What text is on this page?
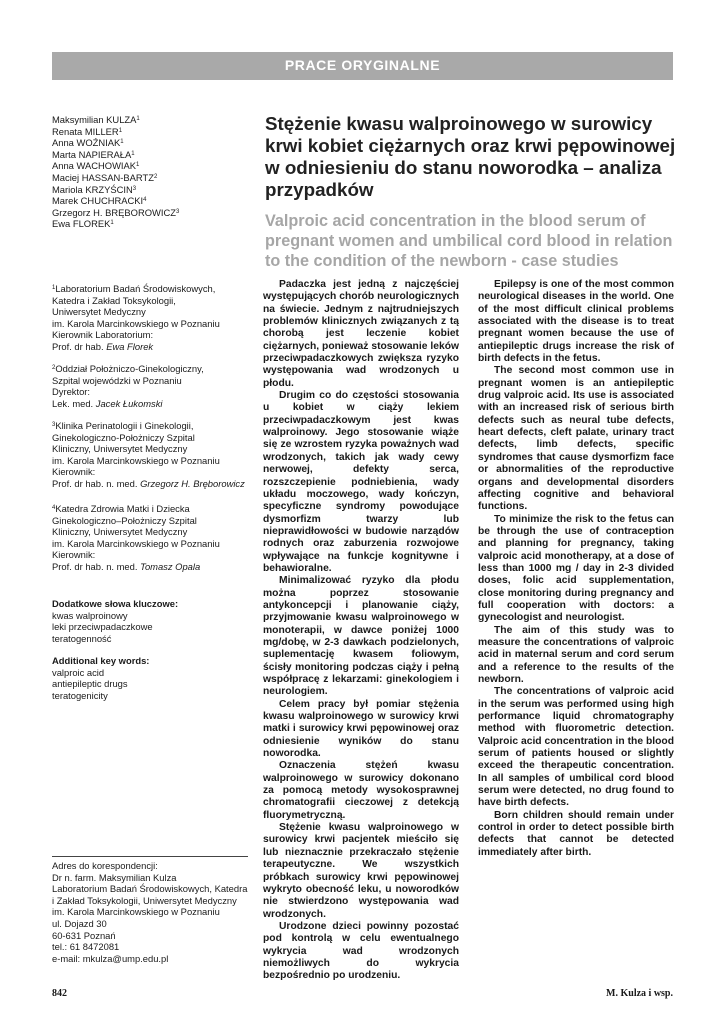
PRACE ORYGINALNE
Maksymilian KULZA$^1$
Renata MILLER$^1$
Anna WOŹNIAK$^1$
Marta NAPIERAŁA$^1$
Anna WACHOWIAK$^1$
Maciej HASSAN-BARTZ$^2$
Mariola KRZYŚCIN$^3$
Marek CHUCHRACKI$^4$
Grzegorz H. BRĘBOROWICZ$^3$
Ewa FLOREK$^1$
$^1$Laboratorium Badań Środowiskowych,
Katedra i Zakład Toksykologii,
Uniwersytet Medyczny
im. Karola Marcinkowskiego w Poznaniu
Kierownik Laboratorium:
Prof. dr hab. Ewa Florek
$^2$Oddział Położniczo-Ginekologiczny,
Szpital wojewódzki w Poznaniu
Dyrektor:
Lek. med. Jacek Łukomski
$^3$Klinika Perinatologii i Ginekologii,
Ginekologiczno-Położniczy Szpital
Kliniczny, Uniwersytet Medyczny
im. Karola Marcinkowskiego w Poznaniu
Kierownik:
Prof. dr hab. n. med. Grzegorz H. Bręborowicz
$^4$Katedra Zdrowia Matki i Dziecka
Ginekologiczno–Położniczy Szpital
Kliniczny, Uniwersytet Medyczny
im. Karola Marcinkowskiego w Poznaniu
Kierownik:
Prof. dr hab. n. med. Tomasz Opala
Dodatkowe słowa kluczowe:
kwas walproinowy
leki przeciwpadaczkowe
teratogenność
Additional key words:
valproic acid
antiepileptic drugs
teratogenicity
Adres do korespondencji:
Dr n. farm. Maksymilian Kulza
Laboratorium Badań Środowiskowych, Katedra
i Zakład Toksykologii, Uniwersytet Medyczny
im. Karola Marcinkowskiego w Poznaniu
ul. Dojazd 30
60-631 Poznań
tel.: 61 8472081
e-mail: mkulza@ump.edu.pl
Stężenie kwasu walproinowego w surowicy krwi kobiet ciężarnych oraz krwi pępowinowej w odniesieniu do stanu noworodka – analiza przypadków
Valproic acid concentration in the blood serum of pregnant women and umbilical cord blood in relation to the condition of the newborn - case studies

Padaczka jest jedną z najczęściej występujących chorób neurologicznych na świecie. Jednym z najtrudniejszych problemów klinicznych związanych z tą chorobą jest leczenie kobiet ciężarnych, ponieważ stosowanie leków przeciwpadaczkowych zwiększa ryzyko występowania wad wrodzonych u płodu.

Drugim co do częstości stosowania u kobiet w ciąży lekiem przeciwpadaczkowym jest kwas walproinowy. Jego stosowanie wiąże się ze wzrostem ryzyka poważnych wad wrodzonych, takich jak wady cewy nerwowej, defekty serca, rozszczepienie podniebienia, wady układu moczowego, wady kończyn, specyficzne syndromy powodujące dysmorfizm twarzy lub nieprawidłowości w budowie narządów rodnych oraz zaburzenia rozwojowe wpływające na funkcje kognitywne i behawioralne.

Minimalizować ryzyko dla płodu można poprzez stosowanie antykoncepcji i planowanie ciąży, przyjmowanie kwasu walproinowego w monoterapii, w dawce poniżej 1000 mg/dobę, w 2-3 dawkach podzielonych, suplementację kwasem foliowym, ścisły monitoring podczas ciąży i pełną współpracę z lekarzami: ginekologiem i neurologiem.

Celem pracy był pomiar stężenia kwasu walproinowego w surowicy krwi matki i surowicy krwi pępowinowej oraz odniesienie wyników do stanu noworodka.

Oznaczenia stężeń kwasu walproinowego w surowicy dokonano za pomocą metody wysokosprawnej chromatografii cieczowej z detekcją fluorymetryczną.

Stężenie kwasu walproinowego w surowicy krwi pacjentek mieściło się lub nieznacznie przekraczało stężenie terapeutyczne. We wszystkich próbkach surowicy krwi pępowinowej wykryto obecność leku, u noworodków nie stwierdzono występowania wad wrodzonych.

Urodzone dzieci powinny pozostać pod kontrolą w celu ewentualnego wykrycia wad wrodzonych niemożliwych do wykrycia bezpośrednio po urodzeniu.

Epilepsy is one of the most common neurological diseases in the world. One of the most difficult clinical problems associated with the disease is to treat pregnant women because the use of antiepileptic drugs increase the risk of birth defects in the fetus.

The second most common use in pregnant women is an antiepileptic drug valproic acid. Its use is associated with an increased risk of serious birth defects such as neural tube defects, heart defects, cleft palate, urinary tract defects, limb defects, specific syndromes that cause dysmorfizm face or abnormalities of the reproductive organs and developmental disorders affecting cognitive and behavioral functions.

To minimize the risk to the fetus can be through the use of contraception and planning for pregnancy, taking valproic acid monotherapy, at a dose of less than 1000 mg / day in 2-3 divided doses, folic acid supplementation, close monitoring during pregnancy and full cooperation with doctors: a gynecologist and neurologist.

The aim of this study was to measure the concentrations of valproic acid in maternal serum and cord serum and a reference to the results of the newborn.

The concentrations of valproic acid in the serum was performed using high performance liquid chromatography method with fluorometric detection. Valproic acid concentration in the blood serum of patients housed or slightly exceed the therapeutic concentration. In all samples of umbilical cord blood serum were detected, no drug found to have birth defects.

Born children should remain under control in order to detect possible birth defects that cannot be detected immediately after birth.

842	M. Kulza i wsp.
